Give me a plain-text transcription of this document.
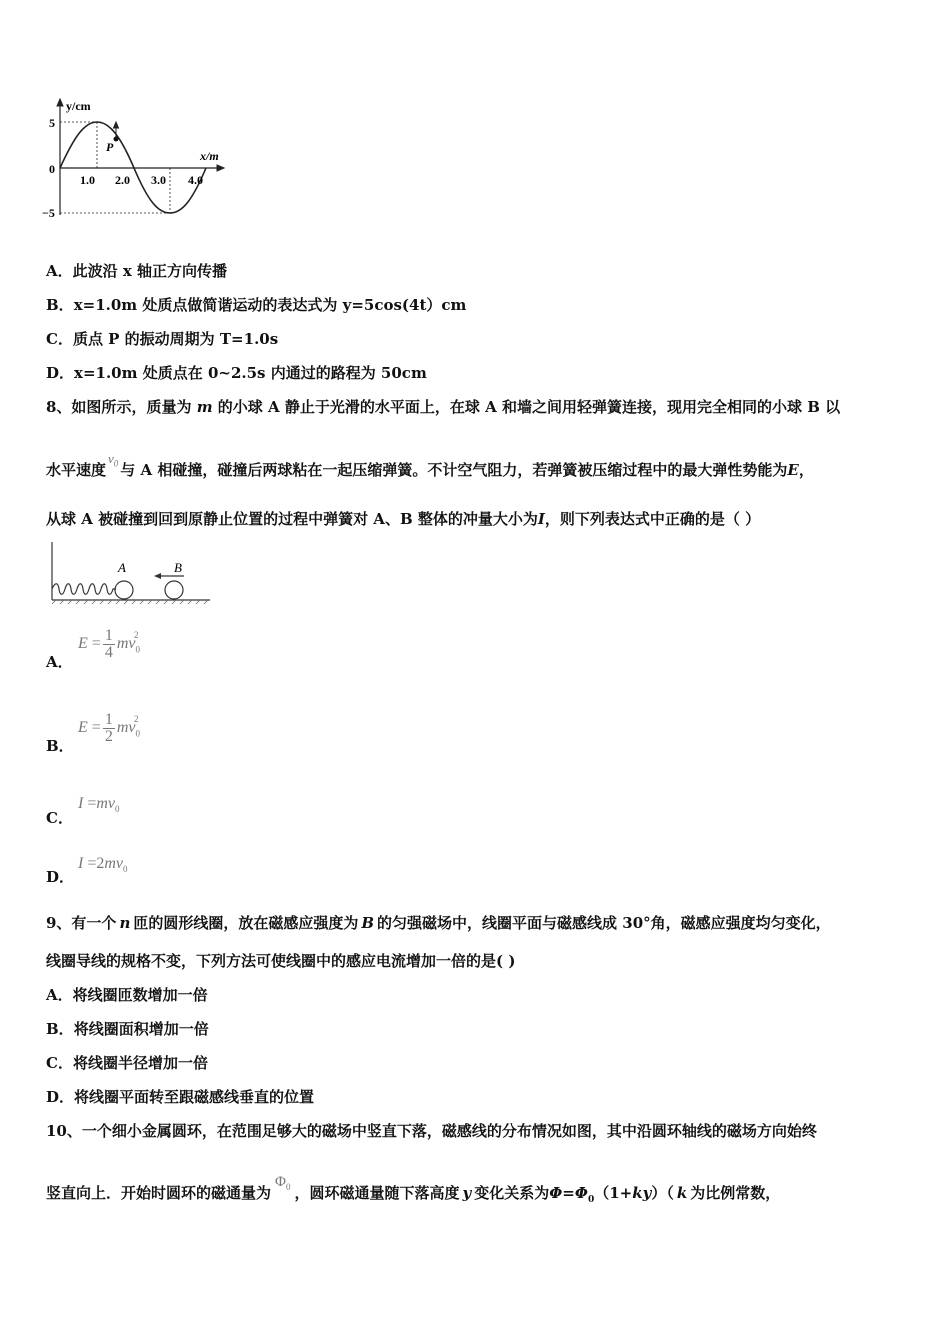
y/cm
x/m
5
0
−5
1.0 2.0 3.0 4.0
P
A．此波沿 x 轴正方向传播
B．x=1.0m 处质点做简谐运动的表达式为 y=5cos(4t）cm
C．质点 P 的振动周期为 T=1.0s
D．x=1.0m 处质点在 0~2.5s 内通过的路程为 50cm
8、如图所示，质量为 m 的小球 A 静止于光滑的水平面上，在球 A 和墙之间用轻弹簧连接，现用完全相同的小球 B 以
水平速度$v_0$ 与 A 相碰撞，碰撞后两球粘在一起压缩弹簧。不计空气阻力，若弹簧被压缩过程中的最大弹性势能为E，
从球 A 被碰撞到回到原静止位置的过程中弹簧对 A、B 整体的冲量大小为I，则下列表达式中正确的是（ ）
A	B
A．
$E = \frac{1}{4} mv_0^2$
B．
$E = \frac{1}{2} mv_0^2$
C．
$I =mv_0$
D．
$I =2mv_0$
9、有一个 n 匝的圆形线圈，放在磁感应强度为 B 的匀强磁场中，线圈平面与磁感线成 30°角，磁感应强度均匀变化，
线圈导线的规格不变，下列方法可使线圈中的感应电流增加一倍的是( )
A．将线圈匝数增加一倍
B．将线圈面积增加一倍
C．将线圈半径增加一倍
D．将线圈平面转至跟磁感线垂直的位置
10、一个细小金属圆环，在范围足够大的磁场中竖直下落，磁感线的分布情况如图，其中沿圆环轴线的磁场方向始终
竖直向上．开始时圆环的磁通量为$\Phi_0$ ，圆环磁通量随下落高度 y 变化关系为$\Phi=\Phi_0(1+ky)$（ k 为比例常数，
